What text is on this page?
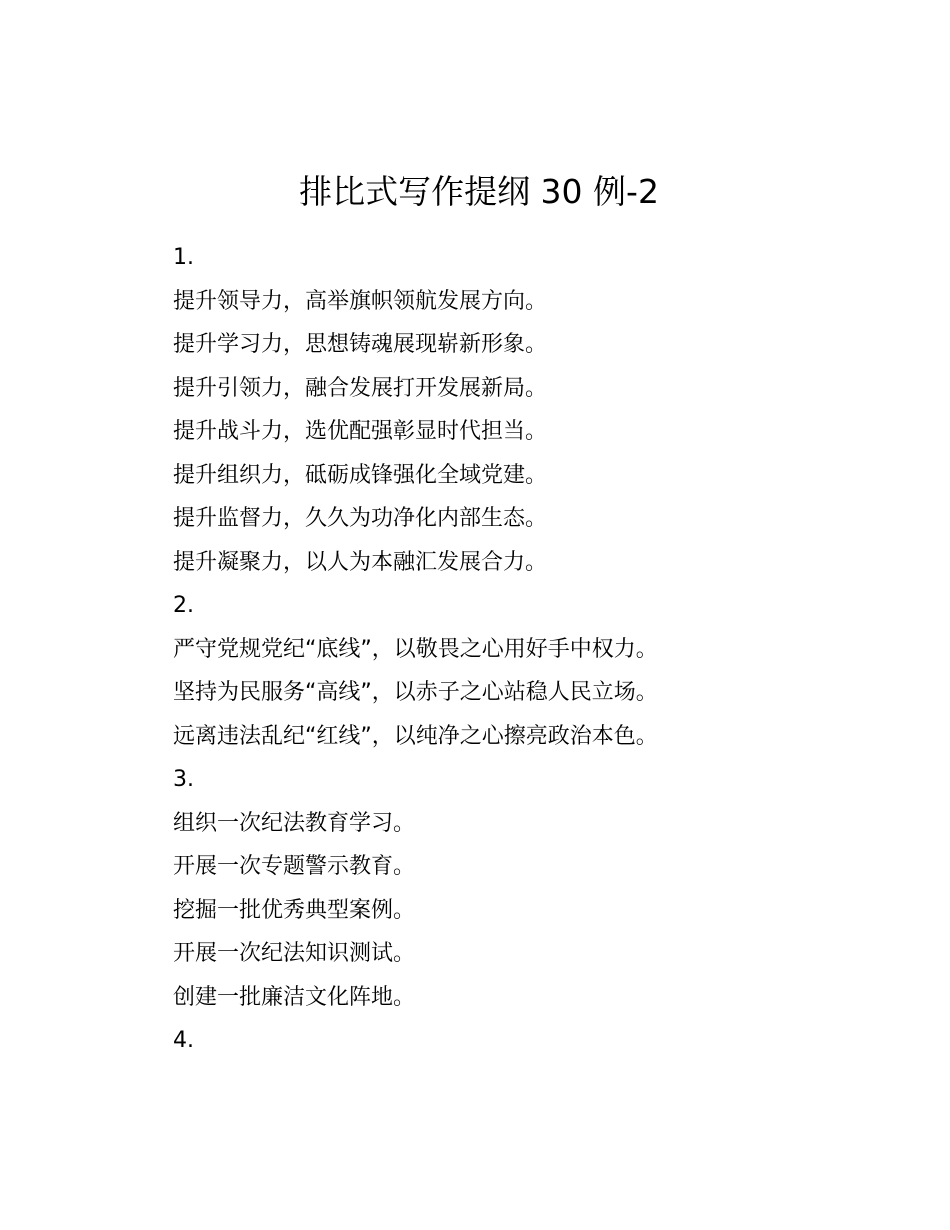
排比式写作提纲 30 例-2
1.
提升领导力，高举旗帜领航发展方向。
提升学习力，思想铸魂展现崭新形象。
提升引领力，融合发展打开发展新局。
提升战斗力，选优配强彰显时代担当。
提升组织力，砥砺成锋强化全域党建。
提升监督力，久久为功净化内部生态。
提升凝聚力，以人为本融汇发展合力。
2.
严守党规党纪“底线”，以敬畏之心用好手中权力。
坚持为民服务“高线”，以赤子之心站稳人民立场。
远离违法乱纪“红线”，以纯净之心擦亮政治本色。
3.
组织一次纪法教育学习。
开展一次专题警示教育。
挖掘一批优秀典型案例。
开展一次纪法知识测试。
创建一批廉洁文化阵地。
4.
